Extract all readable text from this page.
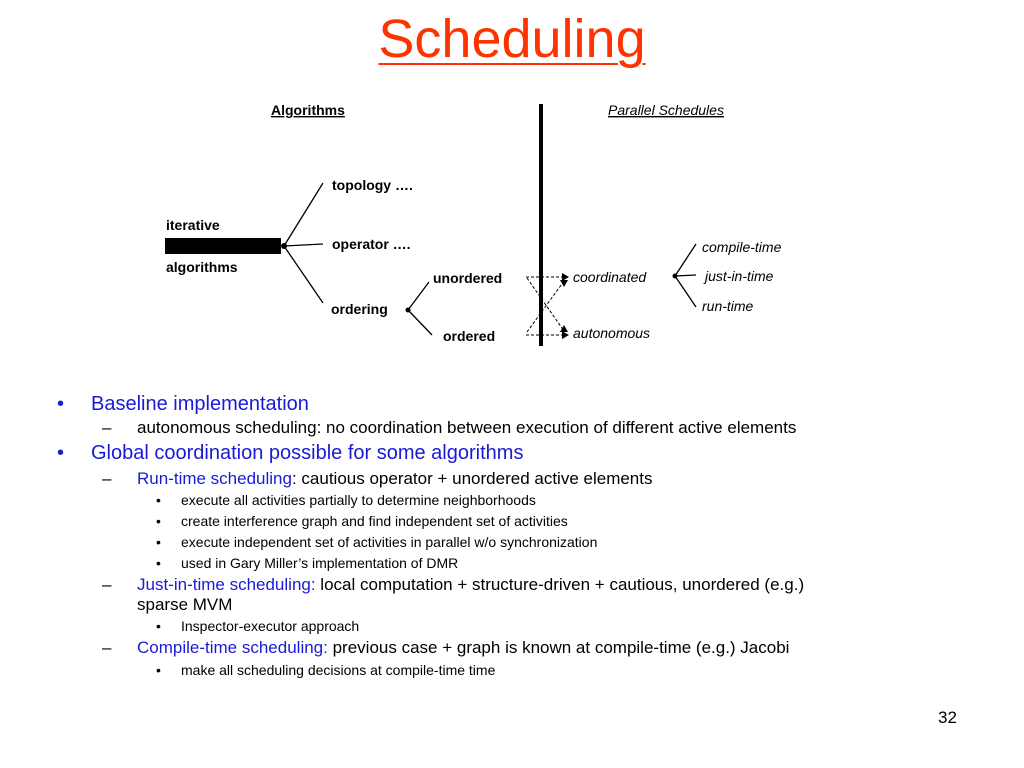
Scheduling
Algorithms	Parallel Schedules
iterative
algorithms
topology ….
operator ….
ordering
unordered
ordered
coordinated
autonomous
compile-time
just-in-time
run-time
• Baseline implementation
– autonomous scheduling: no coordination between execution of different active elements
• Global coordination possible for some algorithms
– Run-time scheduling: cautious operator + unordered active elements
• execute all activities partially to determine neighborhoods
• create interference graph and find independent set of activities
• execute independent set of activities in parallel w/o synchronization
• used in Gary Miller’s implementation of DMR
– Just-in-time scheduling: local computation + structure-driven + cautious, unordered (e.g.)
sparse MVM
• Inspector-executor approach
– Compile-time scheduling: previous case + graph is known at compile-time (e.g.) Jacobi
• make all scheduling decisions at compile-time time
32
